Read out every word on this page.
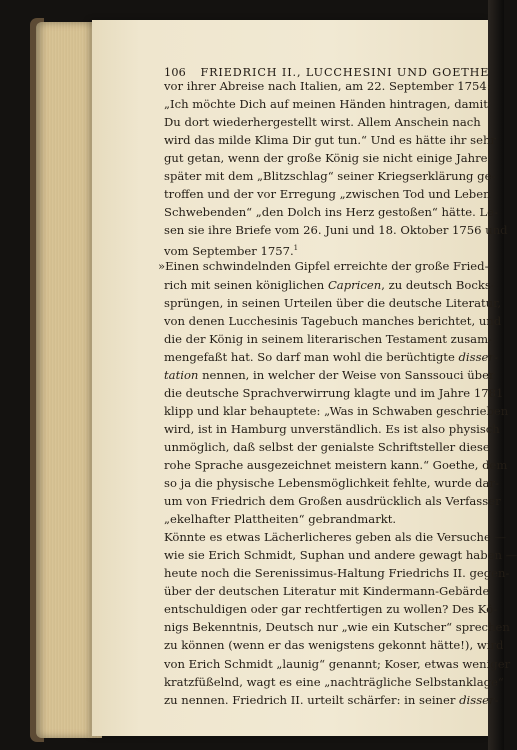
106 FRIEDRICH II., LUCCHESINI UND GOETHE
vor ihrer Abreise nach Italien, am 22. September 1754:
„Ich möchte Dich auf meinen Händen hintragen, damit
Du dort wiederhergestellt wirst. Allem Anschein nach
wird das milde Klima Dir gut tun.“ Und es hätte ihr sehr
gut getan, wenn der große König sie nicht einige Jahre
später mit dem „Blitzschlag“ seiner Kriegserklärung ge-
troffen und der vor Erregung „zwischen Tod und Leben
Schwebenden“ „den Dolch ins Herz gestoßen“ hätte. Le-
sen sie ihre Briefe vom 26. Juni und 18. Oktober 1756 und
vom September 1757.$^1$
»Einen schwindelnden Gipfel erreichte der große Fried-
rich mit seinen königlichen Capricen, zu deutsch Bocks-
sprüngen, in seinen Urteilen über die deutsche Literatur,
von denen Lucchesinis Tagebuch manches berichtet, und
die der König in seinem literarischen Testament zusam-
mengefaßt hat. So darf man wohl die berüchtigte disser-
tation nennen, in welcher der Weise von Sanssouci über
die deutsche Sprachverwirrung klagte und im Jahre 1781
klipp und klar behauptete: „Was in Schwaben geschrieben
wird, ist in Hamburg unverständlich. Es ist also physisch
unmöglich, daß selbst der genialste Schriftsteller diese
rohe Sprache ausgezeichnet meistern kann.“ Goethe, dem
so ja die physische Lebensmöglichkeit fehlte, wurde dar-
um von Friedrich dem Großen ausdrücklich als Verfasser
„ekelhafter Plattheiten“ gebrandmarkt.
Könnte es etwas Lächerlicheres geben als die Versuche —
wie sie Erich Schmidt, Suphan und andere gewagt haben —
heute noch die Serenissimus-Haltung Friedrichs II. gegen-
über der deutschen Literatur mit Kindermann-Gebärde
entschuldigen oder gar rechtfertigen zu wollen? Des Kö-
nigs Bekenntnis, Deutsch nur „wie ein Kutscher“ sprechen
zu können (wenn er das wenigstens gekonnt hätte!), wird
von Erich Schmidt „launig“ genannt; Koser, etwas weniger
kratzfüßelnd, wagt es eine „nachträgliche Selbstanklage“
zu nennen. Friedrich II. urteilt schärfer: in seiner disser-
